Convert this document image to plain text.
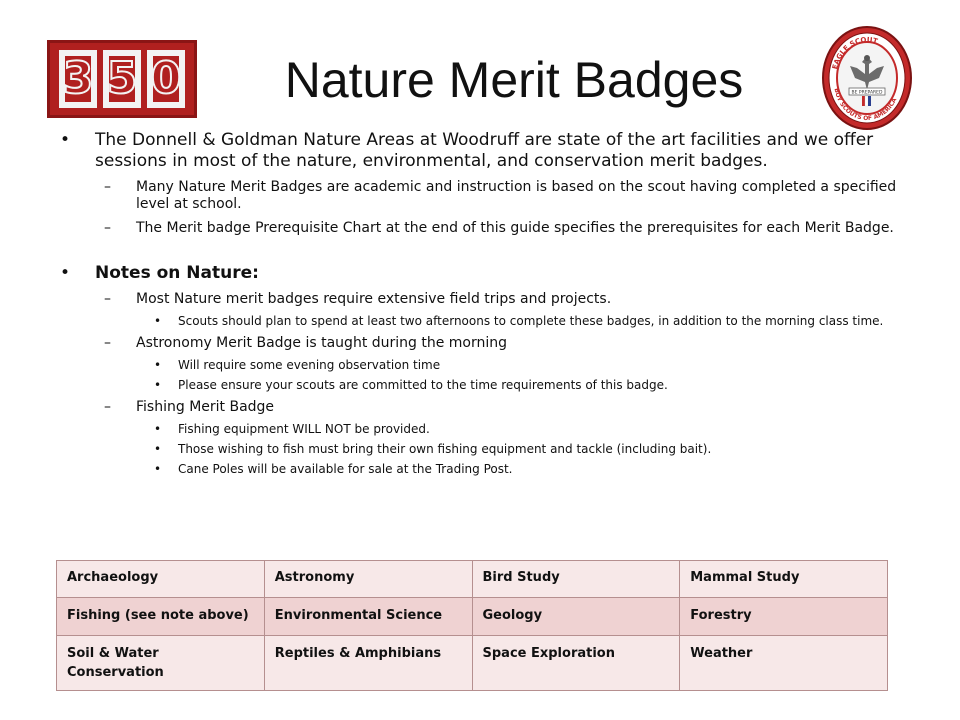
3 5 0	EAGLE SCOUT
BOY SCOUTS OF AMERICA
BE PREPARED
Nature Merit Badges
• The Donnell & Goldman Nature Areas at Woodruff are state of the art facilities and we offer sessions in most of the nature, environmental, and conservation merit badges.
– Many Nature Merit Badges are academic and instruction is based on the scout having completed a specified level at school.
– The Merit badge Prerequisite Chart at the end of this guide specifies the prerequisites for each Merit Badge.
• Notes on Nature:
– Most Nature merit badges require extensive field trips and projects.
• Scouts should plan to spend at least two afternoons to complete these badges, in addition to the morning class time.
– Astronomy Merit Badge is taught during the morning
• Will require some evening observation time
• Please ensure your scouts are committed to the time requirements of this badge.
– Fishing Merit Badge
• Fishing equipment WILL NOT be provided.
• Those wishing to fish must bring their own fishing equipment and tackle (including bait).
• Cane Poles will be available for sale at the Trading Post.
Archaeology	Astronomy	Bird Study	Mammal Study
Fishing (see note above)	Environmental Science	Geology	Forestry
Soil & Water Conservation	Reptiles & Amphibians	Space Exploration	Weather
